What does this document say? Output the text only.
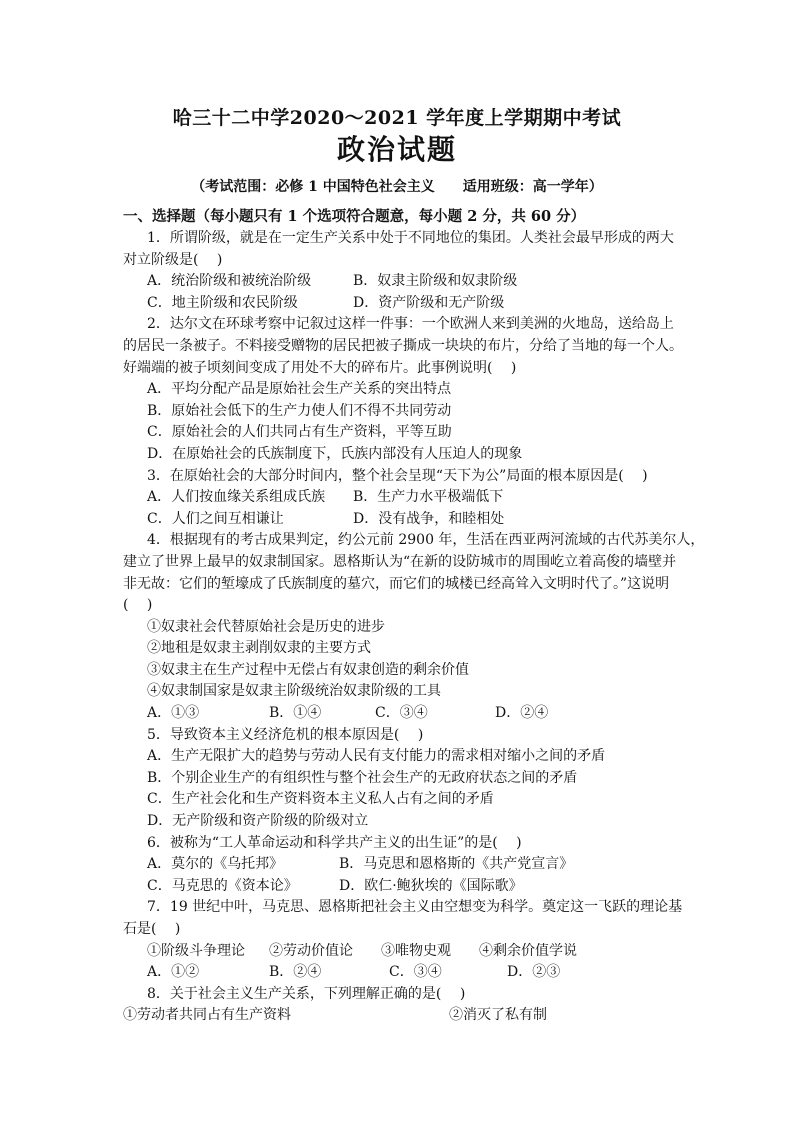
哈三十二中学2020～2021 学年度上学期期中考试
政治试题
（考试范围：必修 1 中国特色社会主义 适用班级：高一学年）
一、选择题（每小题只有 1 个选项符合题意，每小题 2 分，共 60 分）
1．所谓阶级，就是在一定生产关系中处于不同地位的集团。人类社会最早形成的两大
对立阶级是(　 )
A．统治阶级和被统治阶级	B．奴隶主阶级和奴隶阶级
C．地主阶级和农民阶级	D．资产阶级和无产阶级
2．达尔文在环球考察中记叙过这样一件事：一个欧洲人来到美洲的火地岛，送给岛上
的居民一条被子。不料接受赠物的居民把被子撕成一块块的布片，分给了当地的每一个人。
好端端的被子顷刻间变成了用处不大的碎布片。此事例说明(　 )
A．平均分配产品是原始社会生产关系的突出特点
B．原始社会低下的生产力使人们不得不共同劳动
C．原始社会的人们共同占有生产资料，平等互助
D．在原始社会的氏族制度下，氏族内部没有人压迫人的现象
3．在原始社会的大部分时间内，整个社会呈现“天下为公”局面的根本原因是(　 )
A．人们按血缘关系组成氏族	B．生产力水平极端低下
C．人们之间互相谦让	D．没有战争，和睦相处
4．根据现有的考古成果判定，约公元前 2900 年，生活在西亚两河流域的古代苏美尔人，
建立了世界上最早的奴隶制国家。恩格斯认为“在新的设防城市的周围屹立着高俊的墙壁并
非无故：它们的堑壕成了氏族制度的墓穴，而它们的城楼已经高耸入文明时代了。”这说明
(　 )
①奴隶社会代替原始社会是历史的进步
②地租是奴隶主剥削奴隶的主要方式
③奴隶主在生产过程中无偿占有奴隶创造的剩余价值
④奴隶制国家是奴隶主阶级统治奴隶阶级的工具
A．①③	B．①④	C．③④	D．②④
5．导致资本主义经济危机的根本原因是(　 )
A．生产无限扩大的趋势与劳动人民有支付能力的需求相对缩小之间的矛盾
B．个别企业生产的有组织性与整个社会生产的无政府状态之间的矛盾
C．生产社会化和生产资料资本主义私人占有之间的矛盾
D．无产阶级和资产阶级的阶级对立
6．被称为“工人革命运动和科学共产主义的出生证”的是(　 )
A．莫尔的《乌托邦》	B．马克思和恩格斯的《共产党宣言》
C．马克思的《资本论》	D．欧仁·鲍狄埃的《国际歌》
7．19 世纪中叶，马克思、恩格斯把社会主义由空想变为科学。奠定这一飞跃的理论基
石是(　 )
①阶级斗争理论	②劳动价值论	③唯物史观	④剩余价值学说
A．①②	B．②④	C．③④	D．②③
8．关于社会主义生产关系，下列理解正确的是(　 )
①劳动者共同占有生产资料	②消灭了私有制
